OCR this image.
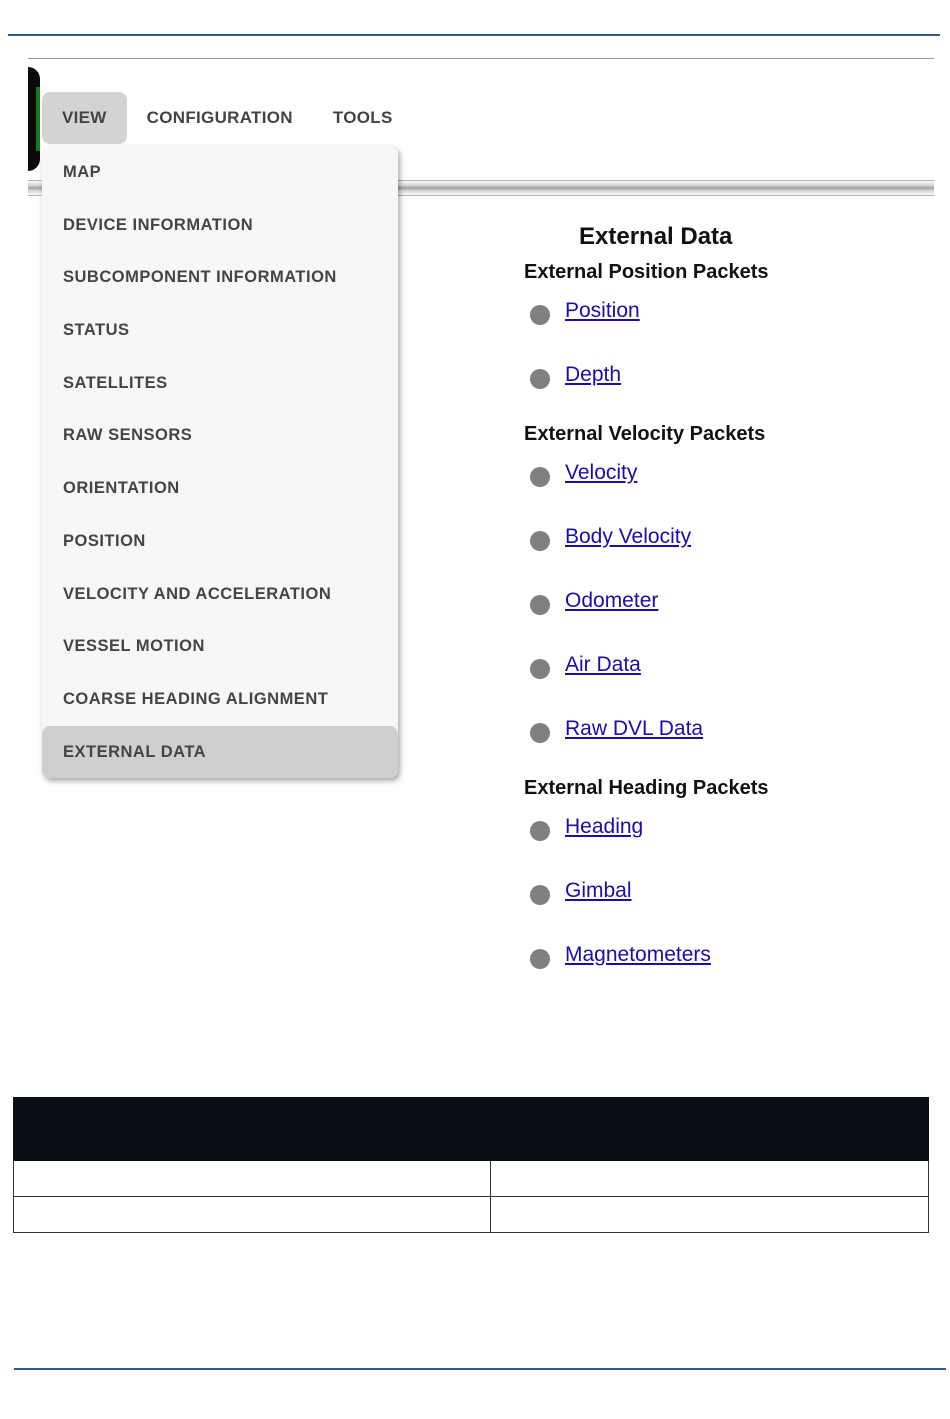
VIEW	CONFIGURATION	TOOLS
External Data
External Position Packets
Position
Depth
External Velocity Packets
Velocity
Body Velocity
Odometer
Air Data
Raw DVL Data
External Heading Packets
Heading
Gimbal
Magnetometers
MAP
DEVICE INFORMATION
SUBCOMPONENT INFORMATION
STATUS
SATELLITES
RAW SENSORS
ORIENTATION
POSITION
VELOCITY AND ACCELERATION
VESSEL MOTION
COARSE HEADING ALIGNMENT
EXTERNAL DATA
